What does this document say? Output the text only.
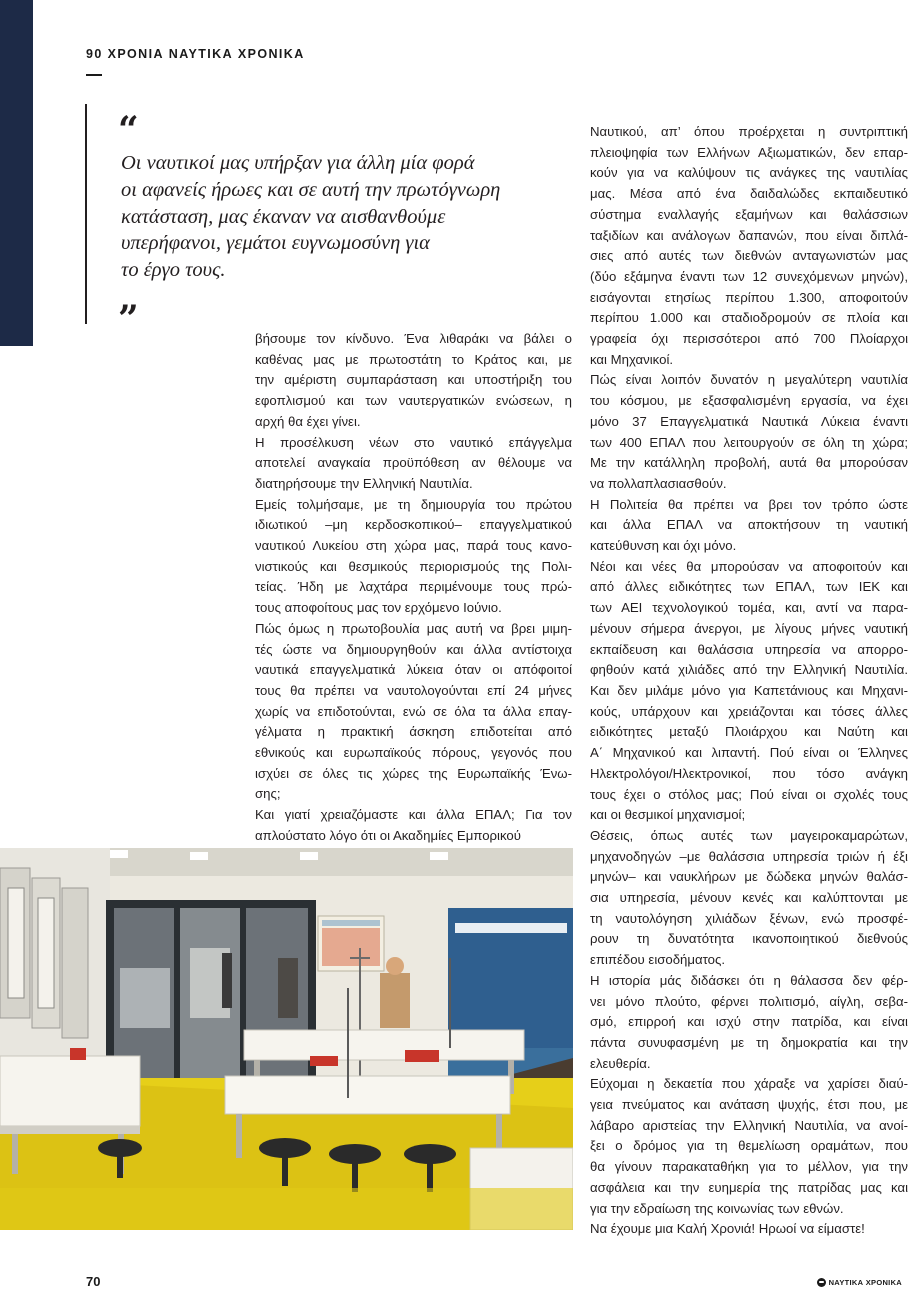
90 ΧΡΟΝΙΑ ΝΑΥΤΙΚΑ ΧΡΟΝΙΚΑ
“
Οι ναυτικοί μας υπήρξαν για άλλη μία φορά
οι αφανείς ήρωες και σε αυτή την πρωτόγνωρη
κατάσταση, μας έκαναν να αισθανθούμε
υπερήφανοι, γεμάτοι ευγνωμοσύνη για
το έργο τους.
”	βήσουμε τον κίνδυνο. Ένα λιθαράκι να βάλει ο
καθένας μας με πρωτοστάτη το Κράτος και, με
την αμέριστη συμπαράσταση και υποστήριξη του
εφοπλισμού και των ναυτεργατικών ενώσεων, η
αρχή θα έχει γίνει.
Η προσέλκυση νέων στο ναυτικό επάγγελμα
αποτελεί αναγκαία προϋπόθεση αν θέλουμε να
διατηρήσουμε την Ελληνική Ναυτιλία.
Εμείς τολμήσαμε, με τη δημιουργία του πρώτου
ιδιωτικού –μη κερδοσκοπικού– επαγγελματικού
ναυτικού Λυκείου στη χώρα μας, παρά τους κανο-
νιστικούς και θεσμικούς περιορισμούς της Πολι-
τείας. Ήδη με λαχτάρα περιμένουμε τους πρώ-
τους αποφοίτους μας τον ερχόμενο Ιούνιο.
Πώς όμως η πρωτοβουλία μας αυτή να βρει μιμη-
τές ώστε να δημιουργηθούν και άλλα αντίστοιχα
ναυτικά επαγγελματικά λύκεια όταν οι απόφοιτοί
τους θα πρέπει να ναυτολογούνται επί 24 μήνες
χωρίς να επιδοτούνται, ενώ σε όλα τα άλλα επαγ-
γέλματα η πρακτική άσκηση επιδοτείται από
εθνικούς και ευρωπαϊκούς πόρους, γεγονός που
ισχύει σε όλες τις χώρες της Ευρωπαϊκής Ένω-
σης;
Και γιατί χρειαζόμαστε και άλλα ΕΠΑΛ; Για τον
απλούστατο λόγο ότι οι Ακαδημίες Εμπορικού
Ναυτικού, απ’ όπου προέρχεται η συντριπτική
πλειοψηφία των Ελλήνων Αξιωματικών, δεν επαρ-
κούν για να καλύψουν τις ανάγκες της ναυτιλίας
μας. Μέσα από ένα δαιδαλώδες εκπαιδευτικό
σύστημα εναλλαγής εξαμήνων και θαλάσσιων
ταξιδίων και ανάλογων δαπανών, που είναι διπλά-
σιες από αυτές των διεθνών ανταγωνιστών μας
(δύο εξάμηνα έναντι των 12 συνεχόμενων μηνών),
εισάγονται ετησίως περίπου 1.300, αποφοιτούν
περίπου 1.000 και σταδιοδρομούν σε πλοία και
γραφεία όχι περισσότεροι από 700 Πλοίαρχοι
και Μηχανικοί.
Πώς είναι λοιπόν δυνατόν η μεγαλύτερη ναυτιλία
του κόσμου, με εξασφαλισμένη εργασία, να έχει
μόνο 37 Επαγγελματικά Ναυτικά Λύκεια έναντι
των 400 ΕΠΑΛ που λειτουργούν σε όλη τη χώρα;
Με την κατάλληλη προβολή, αυτά θα μπορούσαν
να πολλαπλασιασθούν.
Η Πολιτεία θα πρέπει να βρει τον τρόπο ώστε
και άλλα ΕΠΑΛ να αποκτήσουν τη ναυτική
κατεύθυνση και όχι μόνο.
Νέοι και νέες θα μπορούσαν να αποφοιτούν και
από άλλες ειδικότητες των ΕΠΑΛ, των ΙΕΚ και
των ΑΕΙ τεχνολογικού τομέα, και, αντί να παρα-
μένουν σήμερα άνεργοι, με λίγους μήνες ναυτική
εκπαίδευση και θαλάσσια υπηρεσία να απορρο-
φηθούν κατά χιλιάδες από την Ελληνική Ναυτιλία.
Και δεν μιλάμε μόνο για Καπετάνιους και Μηχανι-
κούς, υπάρχουν και χρειάζονται και τόσες άλλες
ειδικότητες μεταξύ Πλοιάρχου και Ναύτη και
Α΄ Μηχανικού και λιπαντή. Πού είναι οι Έλληνες
Ηλεκτρολόγοι/Ηλεκτρονικοί, που τόσο ανάγκη
τους έχει ο στόλος μας; Πού είναι οι σχολές τους
και οι θεσμικοί μηχανισμοί;
Θέσεις, όπως αυτές των μαγειροκαμαρώτων,
μηχανοδηγών –με θαλάσσια υπηρεσία τριών ή έξι
μηνών– και ναυκλήρων με δώδεκα μηνών θαλάσ-
σια υπηρεσία, μένουν κενές και καλύπτονται με
τη ναυτολόγηση χιλιάδων ξένων, ενώ προσφέ-
ρουν τη δυνατότητα ικανοποιητικού διεθνούς
επιπέδου εισοδήματος.
Η ιστορία μάς διδάσκει ότι η θάλασσα δεν φέρ-
νει μόνο πλούτο, φέρνει πολιτισμό, αίγλη, σεβα-
σμό, επιρροή και ισχύ στην πατρίδα, και είναι
πάντα συνυφασμένη με τη δημοκρατία και την
ελευθερία.
Εύχομαι η δεκαετία που χάραξε να χαρίσει διαύ-
γεια πνεύματος και ανάταση ψυχής, έτσι που, με
λάβαρο αριστείας την Ελληνική Ναυτιλία, να ανοί-
ξει ο δρόμος για τη θεμελίωση οραμάτων, που
θα γίνουν παρακαταθήκη για το μέλλον, για την
ασφάλεια και την ευημερία της πατρίδας μας και
για την εδραίωση της κοινωνίας των εθνών.
Να έχουμε μια Καλή Χρονιά! Ηρωοί να είμαστε!
70	ΝΑΥΤΙΚΑ ΧΡΟΝΙΚΑ
